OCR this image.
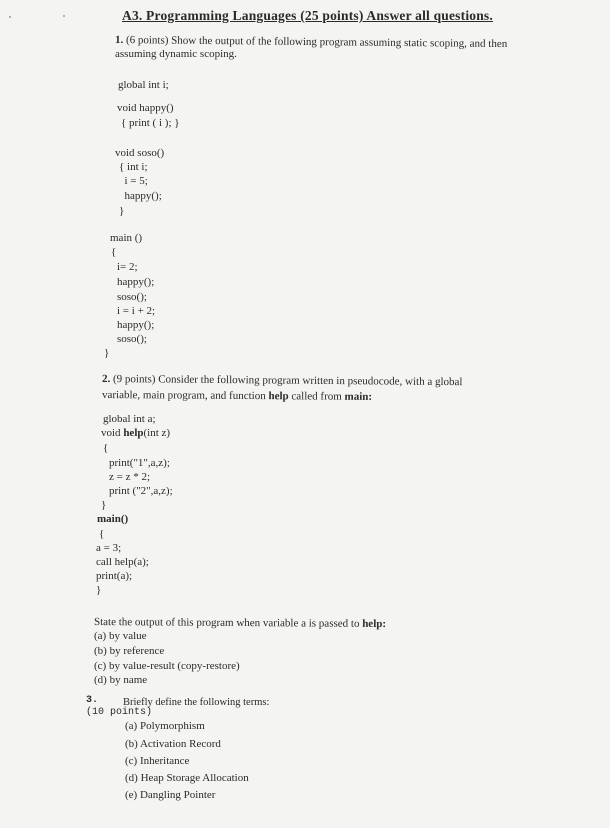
A3. Programming Languages (25 points) Answer all questions.
1. (6 points) Show the output of the following program assuming static scoping, and then
assuming dynamic scoping.
global int i;
void happy()
{ print ( i ); }
void soso()
{ int i;
i = 5;
happy();
}
main ()
{
i= 2;
happy();
soso();
i = i + 2;
happy();
soso();
}
2. (9 points) Consider the following program written in pseudocode, with a global
variable, main program, and function help called from main:
global int a;
void help(int z)
{
print("1",a,z);
z = z * 2;
print ("2",a,z);
}
main()
{
a = 3;
call help(a);
print(a);
}
State the output of this program when variable a is passed to help:
(a) by value
(b) by reference
(c) by value-result (copy-restore)
(d) by name
3. Briefly define the following terms:
(10 points)
(a) Polymorphism
(b) Activation Record
(c) Inheritance
(d) Heap Storage Allocation
(e) Dangling Pointer
